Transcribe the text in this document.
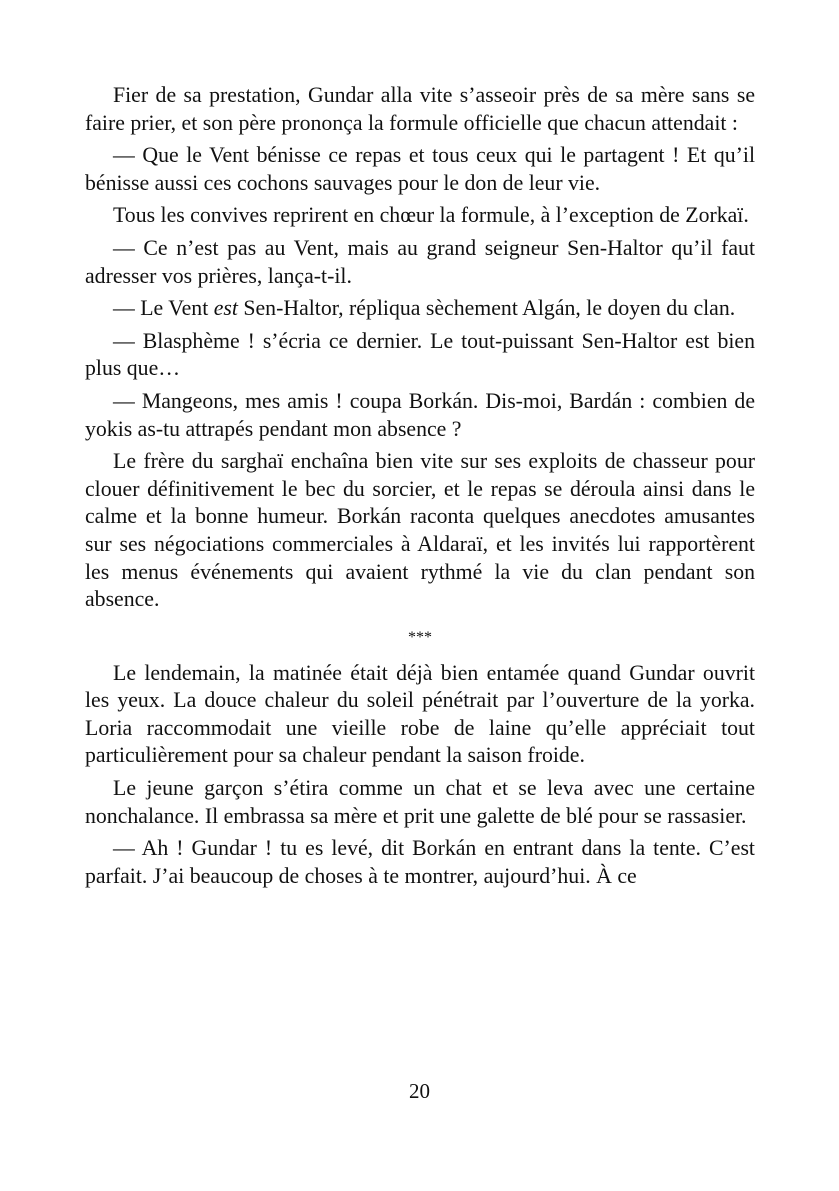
Fier de sa prestation, Gundar alla vite s’asseoir près de sa mère sans se faire prier, et son père prononça la formule officielle que chacun attendait :

— Que le Vent bénisse ce repas et tous ceux qui le partagent ! Et qu’il bénisse aussi ces cochons sauvages pour le don de leur vie.

Tous les convives reprirent en chœur la formule, à l’exception de Zorkaï.

— Ce n’est pas au Vent, mais au grand seigneur Sen-Haltor qu’il faut adresser vos prières, lança-t-il.

— Le Vent est Sen-Haltor, répliqua sèchement Algán, le doyen du clan.

— Blasphème ! s’écria ce dernier. Le tout-puissant Sen-Haltor est bien plus que…

— Mangeons, mes amis ! coupa Borkán. Dis-moi, Bardán : combien de yokis as-tu attrapés pendant mon absence ?

Le frère du sarghaï enchaîna bien vite sur ses exploits de chasseur pour clouer définitivement le bec du sorcier, et le repas se déroula ainsi dans le calme et la bonne humeur. Borkán raconta quelques anecdotes amusantes sur ses négociations commerciales à Aldaraï, et les invités lui rapportèrent les menus événements qui avaient rythmé la vie du clan pendant son absence.

***

Le lendemain, la matinée était déjà bien entamée quand Gundar ouvrit les yeux. La douce chaleur du soleil pénétrait par l’ouverture de la yorka. Loria raccommodait une vieille robe de laine qu’elle appréciait tout particulièrement pour sa chaleur pendant la saison froide.

Le jeune garçon s’étira comme un chat et se leva avec une certaine nonchalance. Il embrassa sa mère et prit une galette de blé pour se rassasier.

— Ah ! Gundar ! tu es levé, dit Borkán en entrant dans la tente. C’est parfait. J’ai beaucoup de choses à te montrer, aujourd’hui. À ce

20
